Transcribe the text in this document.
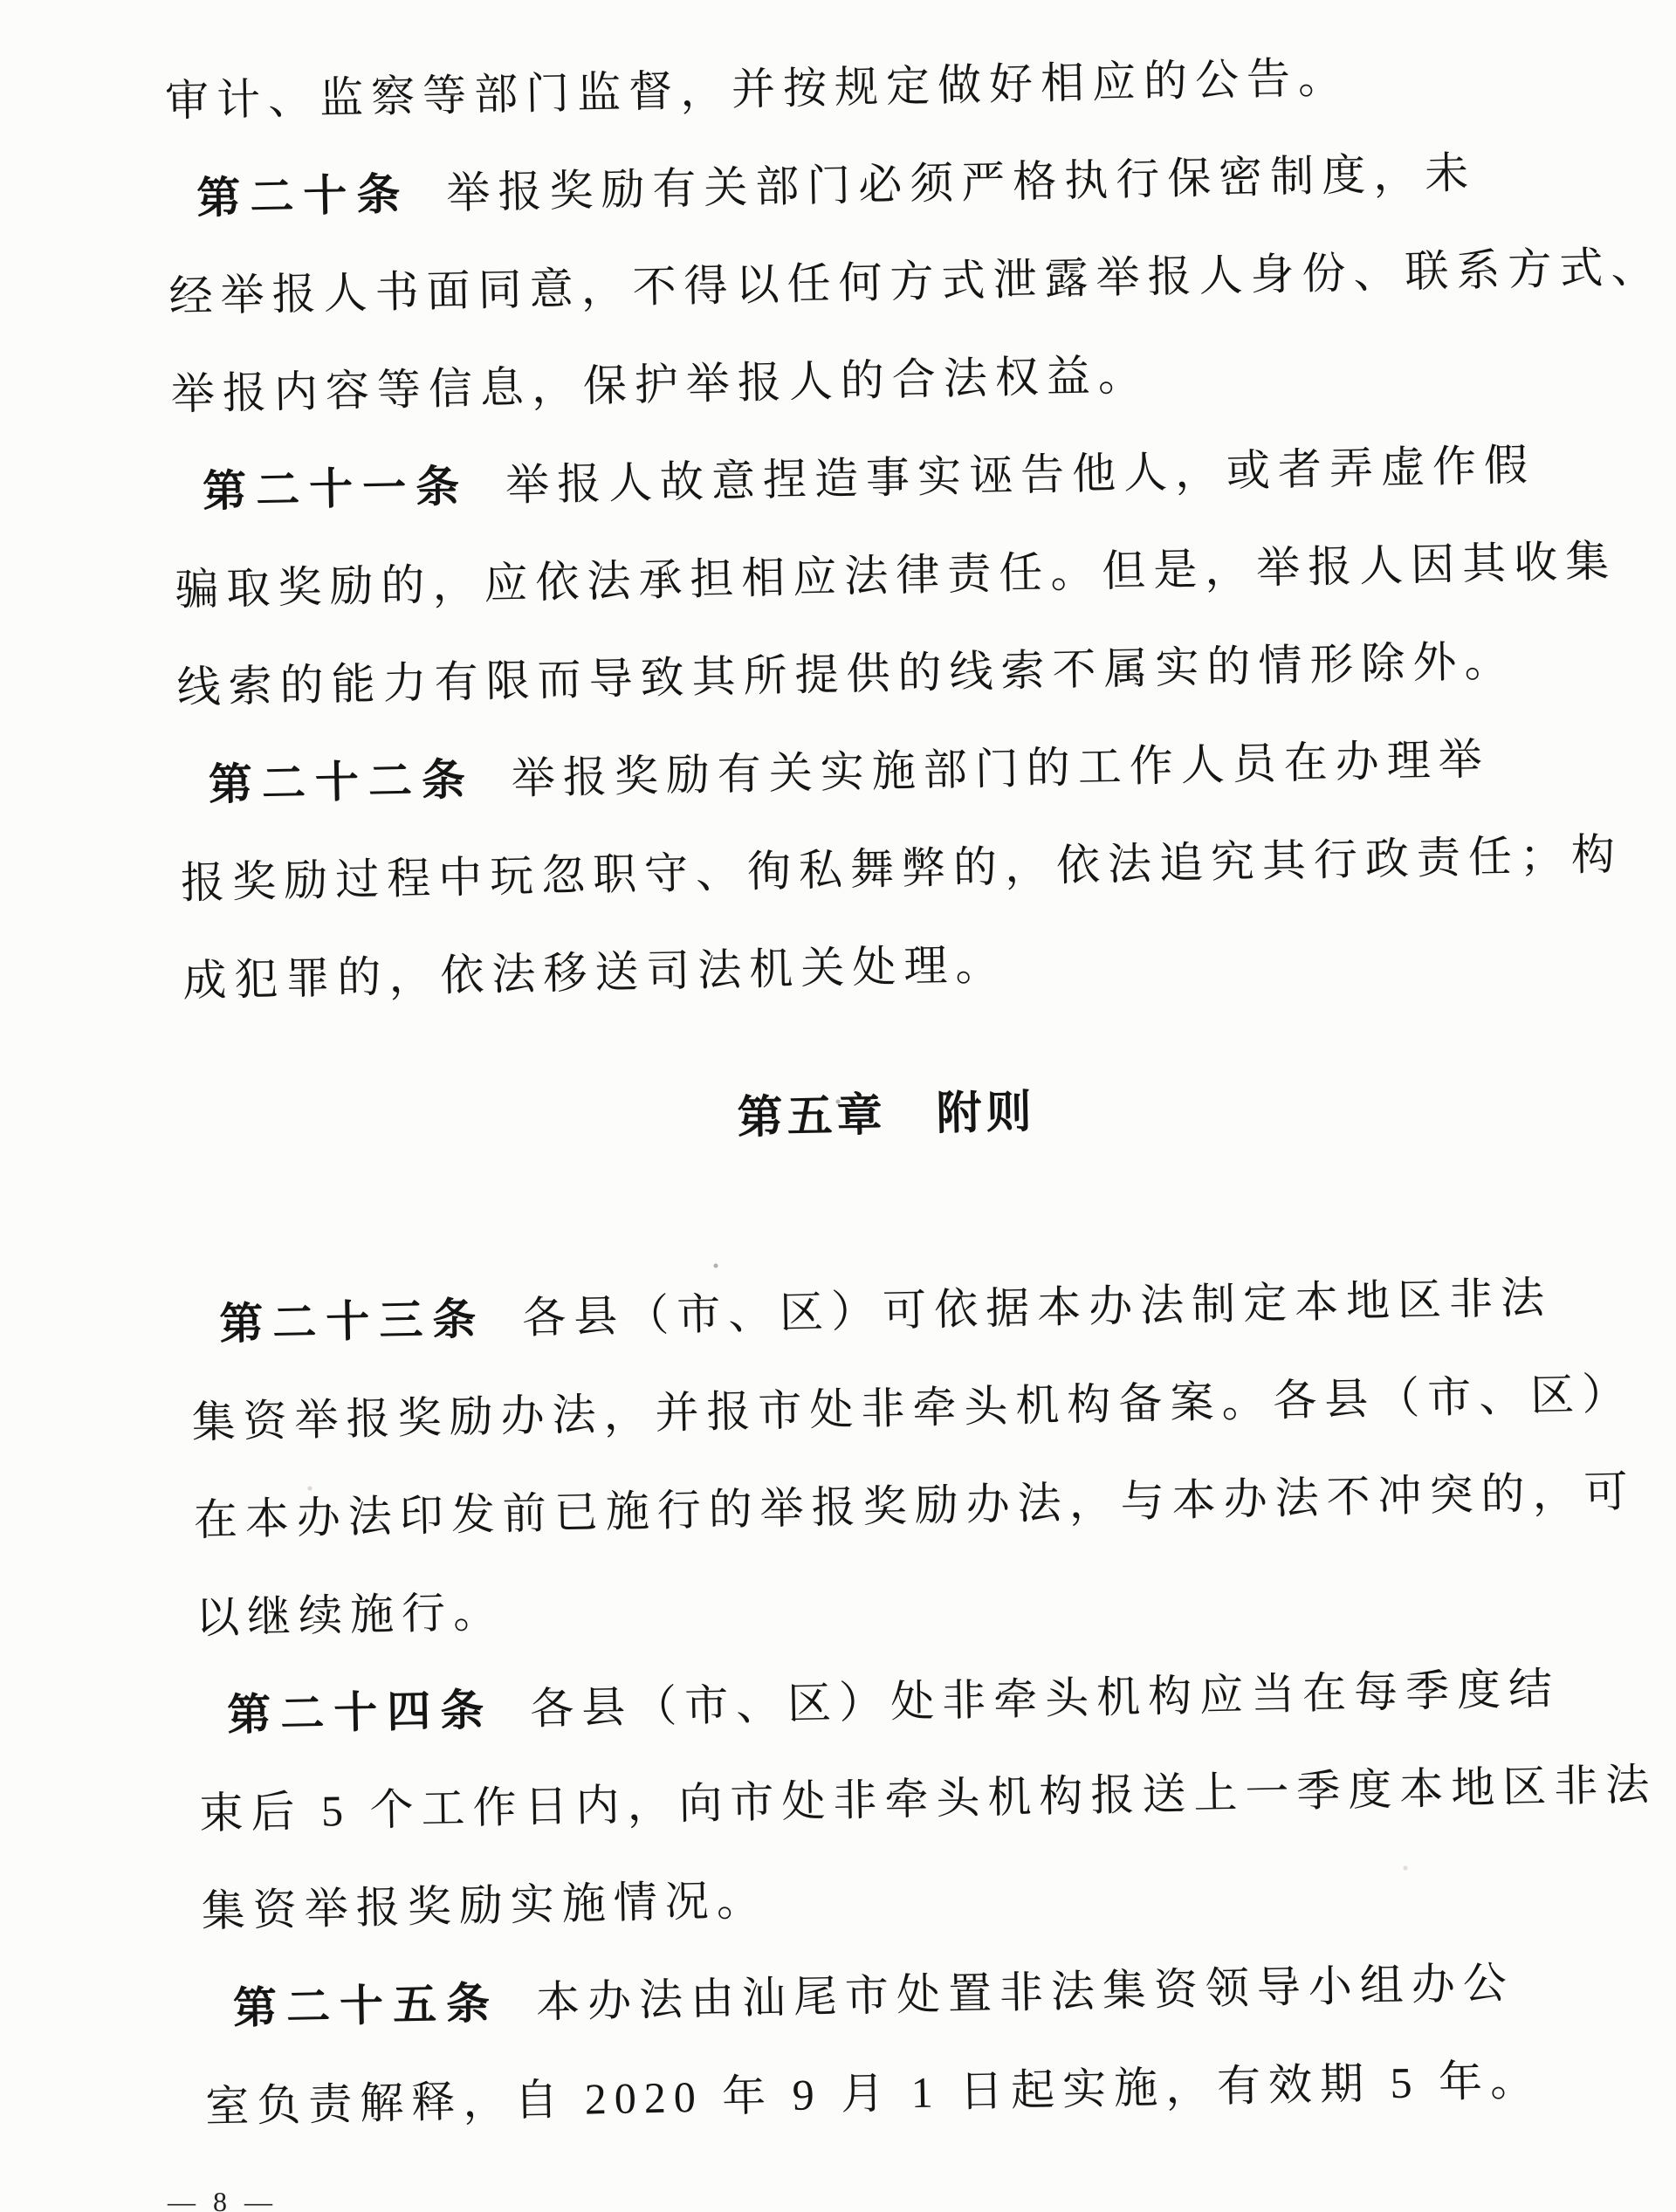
审计、监察等部门监督，并按规定做好相应的公告。
第二十条 举报奖励有关部门必须严格执行保密制度，未
经举报人书面同意，不得以任何方式泄露举报人身份、联系方式、
举报内容等信息，保护举报人的合法权益。
第二十一条 举报人故意捏造事实诬告他人，或者弄虚作假
骗取奖励的，应依法承担相应法律责任。但是，举报人因其收集
线索的能力有限而导致其所提供的线索不属实的情形除外。
第二十二条 举报奖励有关实施部门的工作人员在办理举
报奖励过程中玩忽职守、徇私舞弊的，依法追究其行政责任；构
成犯罪的，依法移送司法机关处理。
第五章　附则
第二十三条 各县（市、区）可依据本办法制定本地区非法
集资举报奖励办法，并报市处非牵头机构备案。各县（市、区）
在本办法印发前已施行的举报奖励办法，与本办法不冲突的，可
以继续施行。
第二十四条 各县（市、区）处非牵头机构应当在每季度结
束后 5 个工作日内，向市处非牵头机构报送上一季度本地区非法
集资举报奖励实施情况。
第二十五条 本办法由汕尾市处置非法集资领导小组办公
室负责解释，自 2020 年 9 月 1 日起实施，有效期 5 年。
— 8 —
